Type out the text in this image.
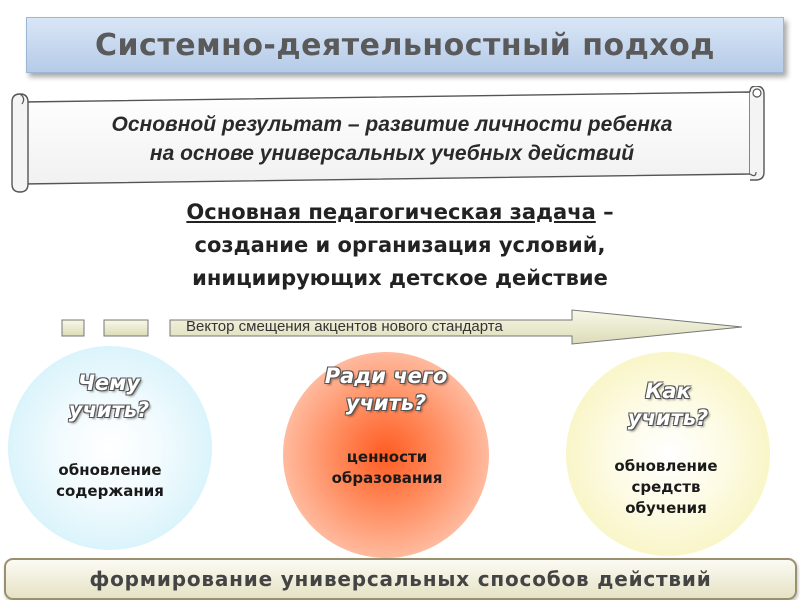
Системно-деятельностный подход
Основной результат – развитие личности ребенка
на основе универсальных учебных действий
Основная педагогическая задача –
создание и организация условий,
инициирующих детское действие
Вектор смещения акцентов нового стандарта
Чему
учить?
обновление
содержания
Ради чего
учить?
ценности
образования
Как
учить?
обновление
средств
обучения
формирование универсальных способов действий
